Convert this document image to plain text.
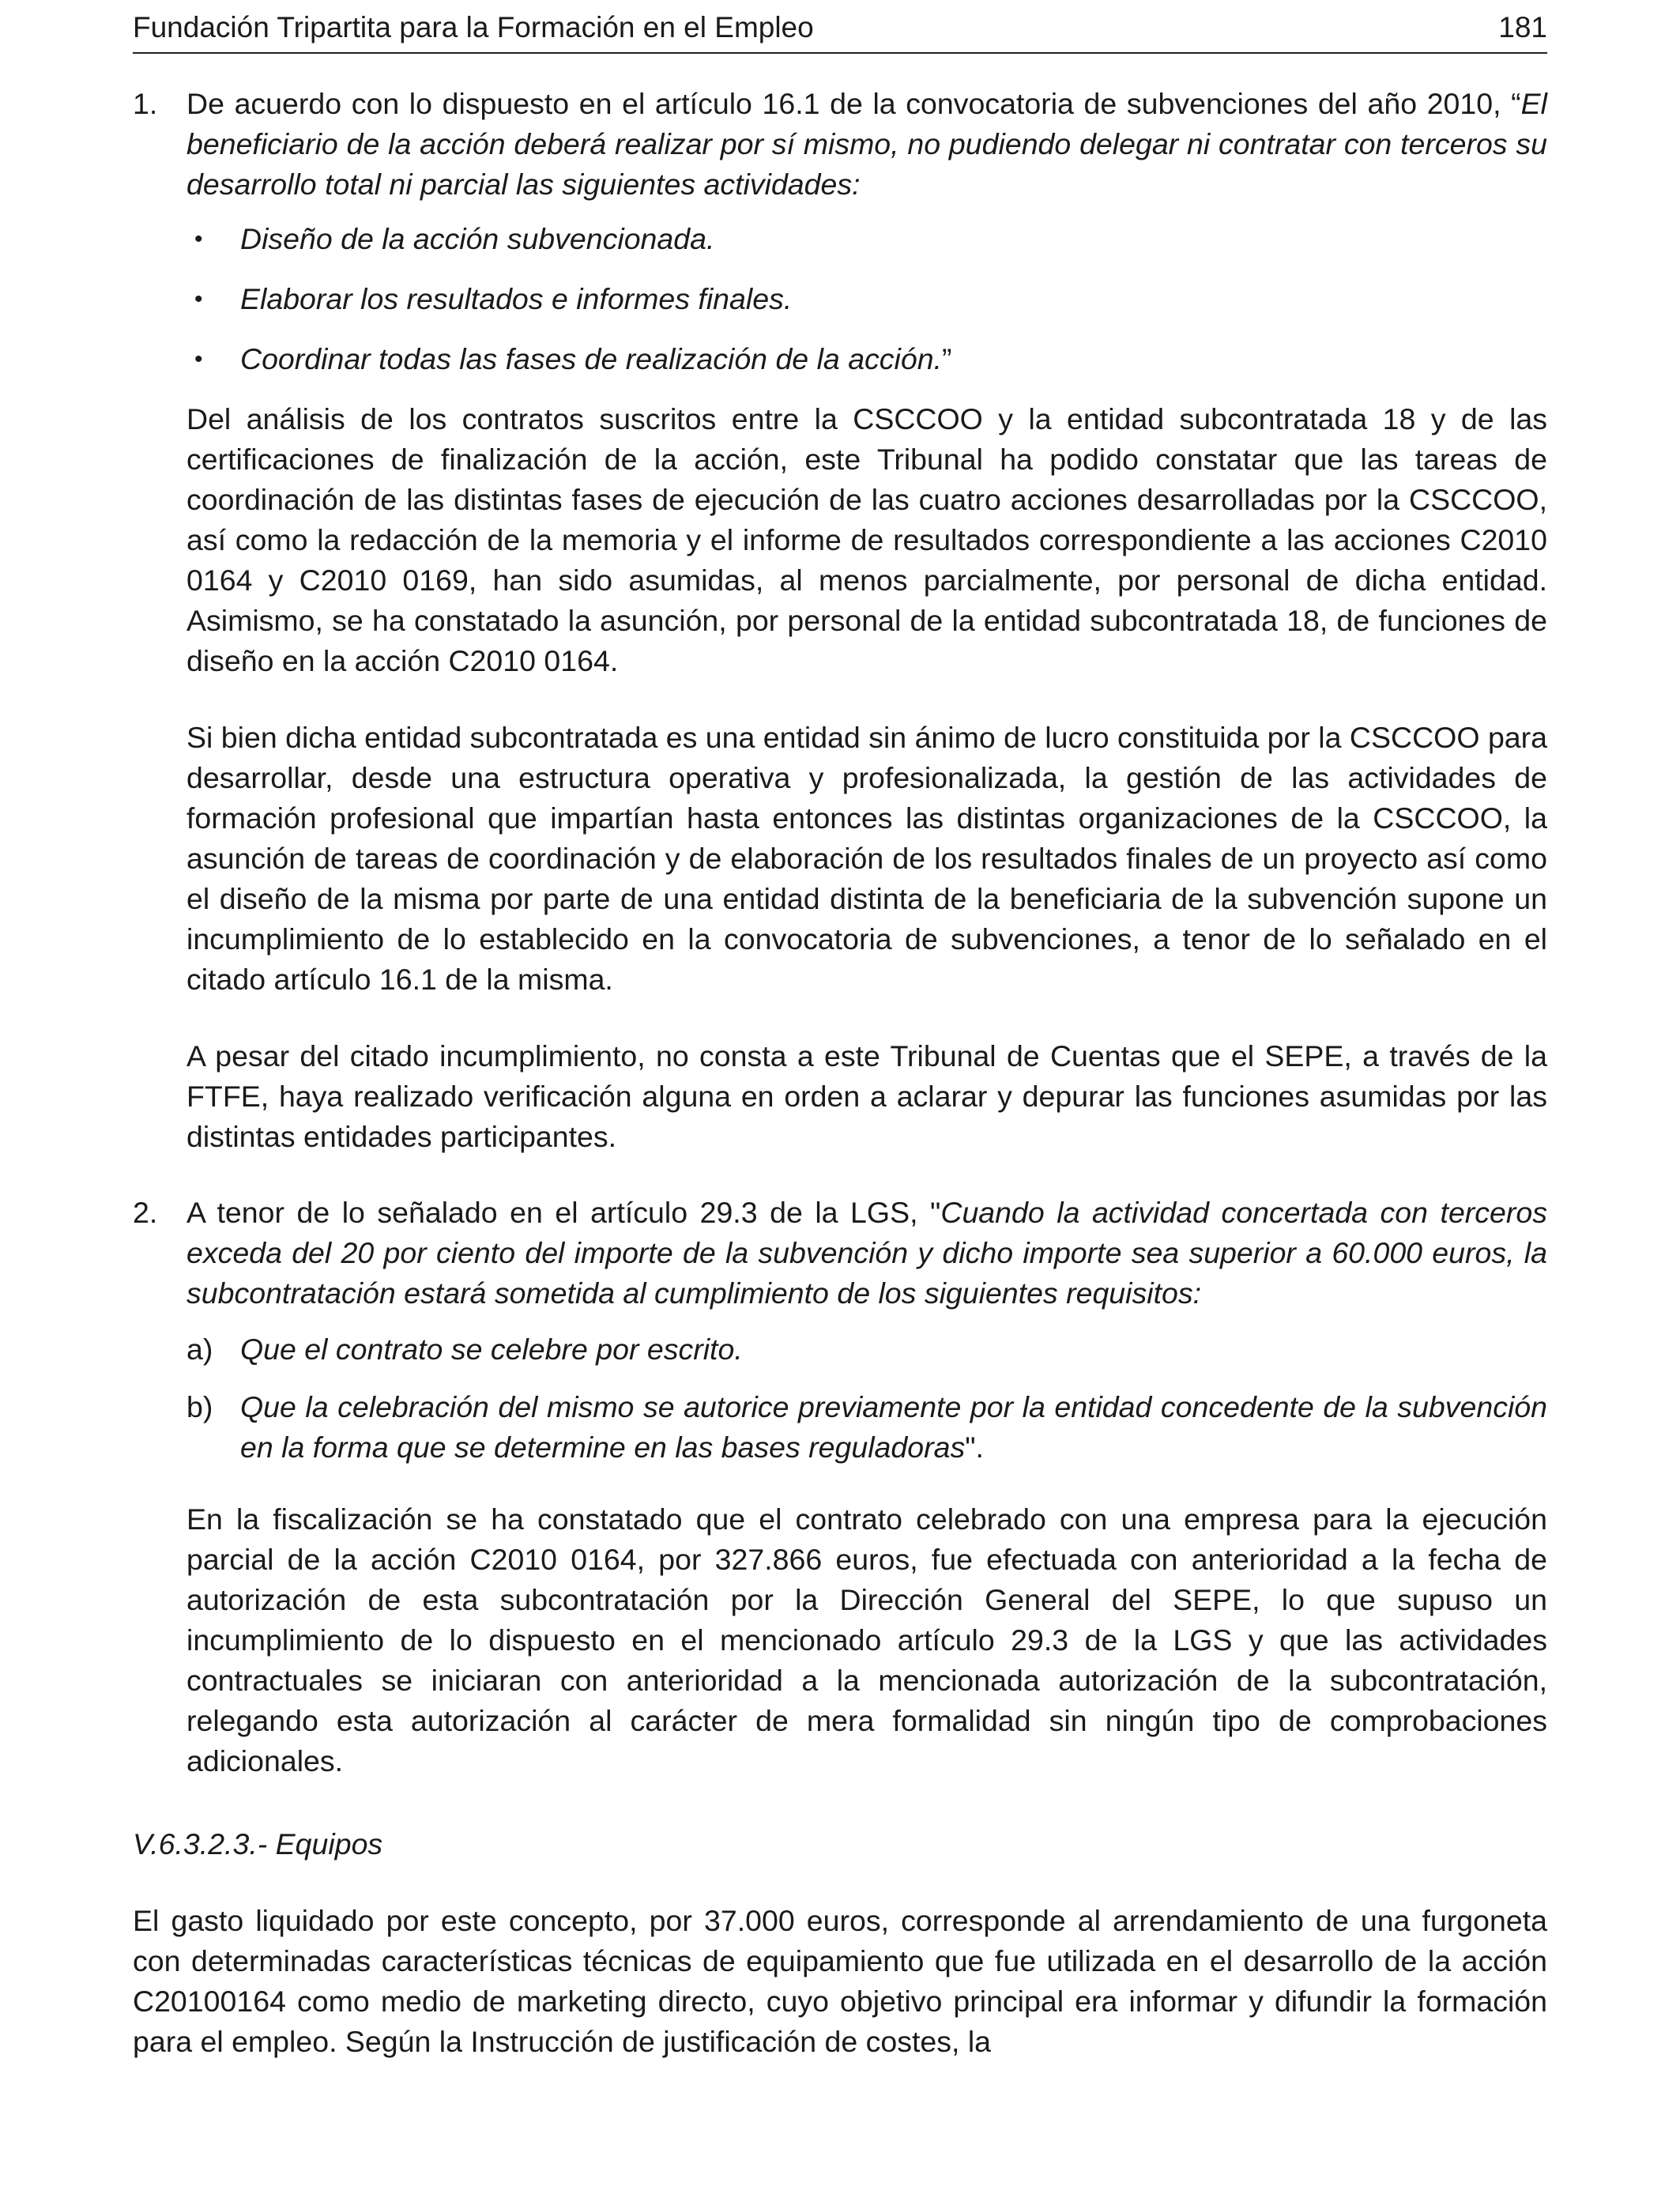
Fundación Tripartita para la Formación en el Empleo	181
1. De acuerdo con lo dispuesto en el artículo 16.1 de la convocatoria de subvenciones del año 2010, “El beneficiario de la acción deberá realizar por sí mismo, no pudiendo delegar ni contratar con terceros su desarrollo total ni parcial las siguientes actividades:

• Diseño de la acción subvencionada.
• Elaborar los resultados e informes finales.
• Coordinar todas las fases de realización de la acción.”

Del análisis de los contratos suscritos entre la CSCCOO y la entidad subcontratada 18 y de las certificaciones de finalización de la acción, este Tribunal ha podido constatar que las tareas de coordinación de las distintas fases de ejecución de las cuatro acciones desarrolladas por la CSCCOO, así como la redacción de la memoria y el informe de resultados correspondiente a las acciones C2010 0164 y C2010 0169, han sido asumidas, al menos parcialmente, por personal de dicha entidad. Asimismo, se ha constatado la asunción, por personal de la entidad subcontratada 18, de funciones de diseño en la acción C2010 0164.

Si bien dicha entidad subcontratada es una entidad sin ánimo de lucro constituida por la CSCCOO para desarrollar, desde una estructura operativa y profesionalizada, la gestión de las actividades de formación profesional que impartían hasta entonces las distintas organizaciones de la CSCCOO, la asunción de tareas de coordinación y de elaboración de los resultados finales de un proyecto así como el diseño de la misma por parte de una entidad distinta de la beneficiaria de la subvención supone un incumplimiento de lo establecido en la convocatoria de subvenciones, a tenor de lo señalado en el citado artículo 16.1 de la misma.

A pesar del citado incumplimiento, no consta a este Tribunal de Cuentas que el SEPE, a través de la FTFE, haya realizado verificación alguna en orden a aclarar y depurar las funciones asumidas por las distintas entidades participantes.

2. A tenor de lo señalado en el artículo 29.3 de la LGS, "Cuando la actividad concertada con terceros exceda del 20 por ciento del importe de la subvención y dicho importe sea superior a 60.000 euros, la subcontratación estará sometida al cumplimiento de los siguientes requisitos:

a) Que el contrato se celebre por escrito.
b) Que la celebración del mismo se autorice previamente por la entidad concedente de la subvención en la forma que se determine en las bases reguladoras".

En la fiscalización se ha constatado que el contrato celebrado con una empresa para la ejecución parcial de la acción C2010 0164, por 327.866 euros, fue efectuada con anterioridad a la fecha de autorización de esta subcontratación por la Dirección General del SEPE, lo que supuso un incumplimiento de lo dispuesto en el mencionado artículo 29.3 de la LGS y que las actividades contractuales se iniciaran con anterioridad a la mencionada autorización de la subcontratación, relegando esta autorización al carácter de mera formalidad sin ningún tipo de comprobaciones adicionales.

V.6.3.2.3.- Equipos

El gasto liquidado por este concepto, por 37.000 euros, corresponde al arrendamiento de una furgoneta con determinadas características técnicas de equipamiento que fue utilizada en el desarrollo de la acción C20100164 como medio de marketing directo, cuyo objetivo principal era informar y difundir la formación para el empleo. Según la Instrucción de justificación de costes, la
